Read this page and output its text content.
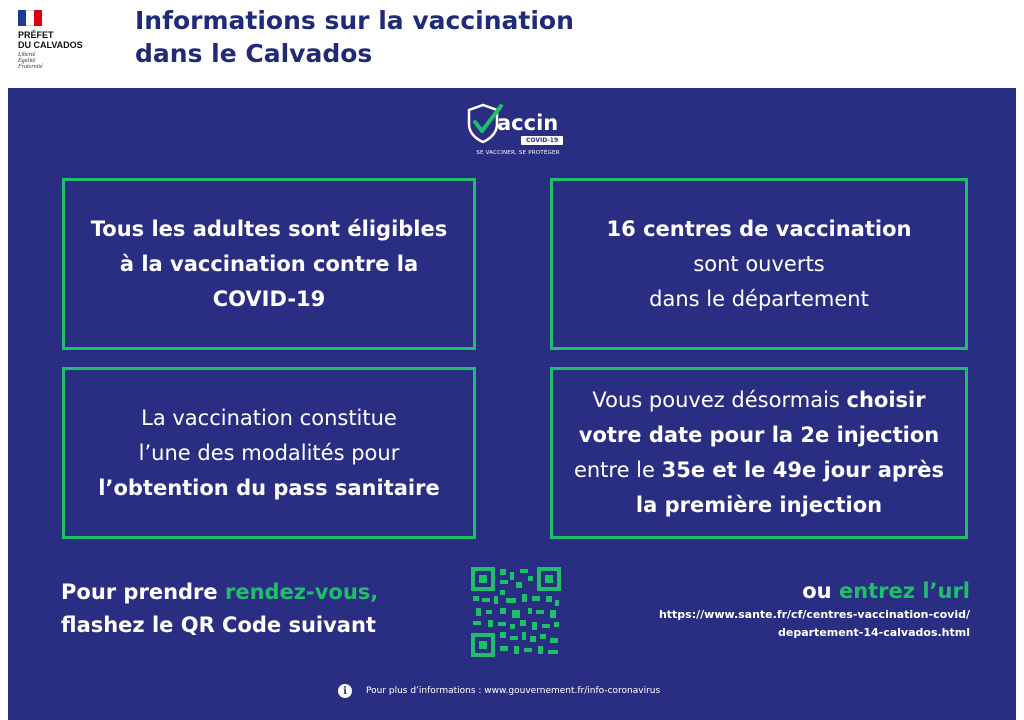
PRÉFET
DU CALVADOS
Liberté
Égalité
Fraternité
Informations sur la vaccination
dans le Calvados
accin
COVID-19
SE VACCINER, SE PROTÉGER
Tous les adultes sont éligibles
à la vaccination contre la
COVID-19
16 centres de vaccination
sont ouverts
dans le département
La vaccination constitue
l’une des modalités pour
l’obtention du pass sanitaire
Vous pouvez désormais choisir
votre date pour la 2e injection
entre le 35e et le 49e jour après
la première injection
Pour prendre rendez-vous,
flashez le QR Code suivant
ou entrez l’url
https://www.sante.fr/cf/centres-vaccination-covid/
departement-14-calvados.html
i	Pour plus d’informations : www.gouvernement.fr/info-coronavirus
